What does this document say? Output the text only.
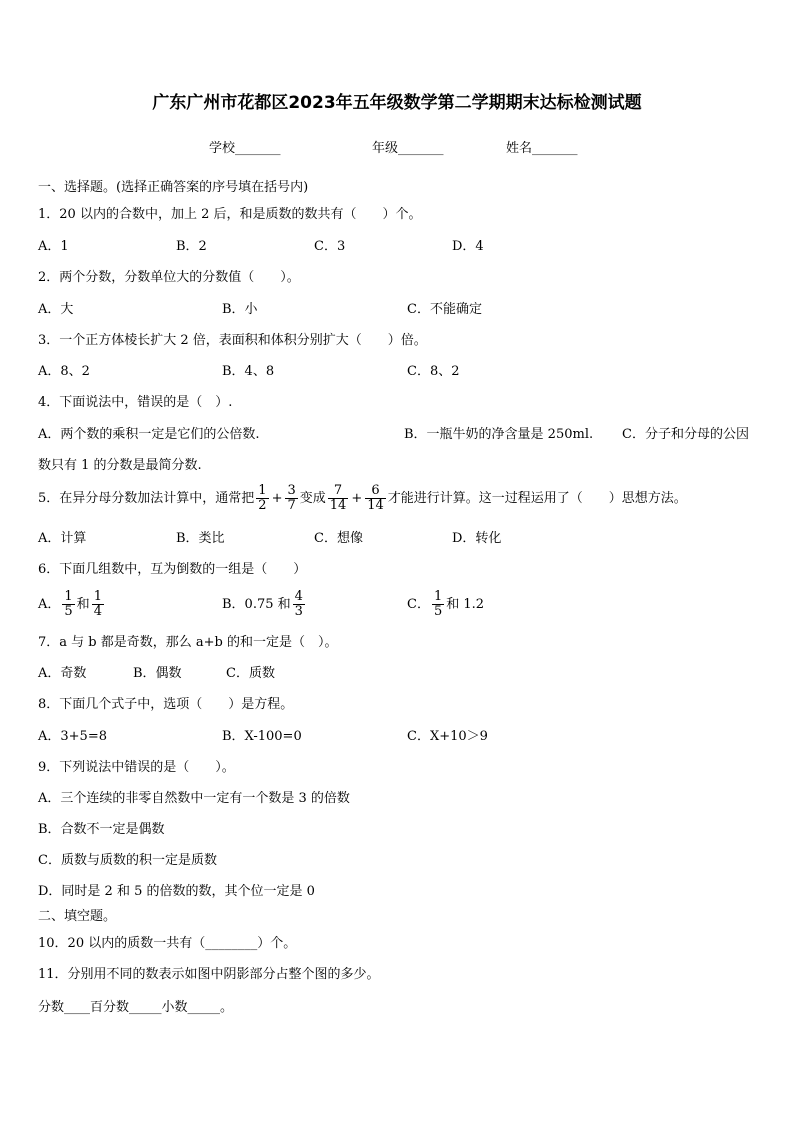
广东广州市花都区2023年五年级数学第二学期期末达标检测试题
学校_______	年级_______	姓名_______
一、选择题。(选择正确答案的序号填在括号内)
1．20 以内的合数中，加上 2 后，和是质数的数共有（　　）个。
A．1	B．2	C．3	D．4
2．两个分数，分数单位大的分数值（　　）。
A．大	B．小	C．不能确定
3．一个正方体棱长扩大 2 倍，表面积和体积分别扩大（　　）倍。
A．8、2	B．4、8	C．8、2
4．下面说法中，错误的是（　）.
A．两个数的乘积一定是它们的公倍数.	B．一瓶牛奶的净含量是 250ml. C．分子和分母的公因
数只有 1 的分数是最简分数.
5．在异分母分数加法计算中，通常把 $\frac{1}{2} + \frac{3}{7}$ 变成 $\frac{7}{14} + \frac{6}{14}$ 才能进行计算。这一过程运用了（　　）思想方法。
A．计算	B．类比	C．想像	D．转化
6．下面几组数中，互为倒数的一组是（　　）
A． $\frac{1}{5}$ 和 $\frac{1}{4}$	B．0.75 和 $\frac{4}{3}$	C． $\frac{1}{5}$ 和 1.2
7．a 与 b 都是奇数，那么 a+b 的和一定是（　）。
A．奇数	B．偶数	C．质数
8．下面几个式子中，选项（　　）是方程。
A．3+5=8	B．X-100=0	C．X+10＞9
9．下列说法中错误的是（　　）。
A．三个连续的非零自然数中一定有一个数是 3 的倍数
B．合数不一定是偶数
C．质数与质数的积一定是质数
D．同时是 2 和 5 的倍数的数，其个位一定是 0
二、填空题。
10．20 以内的质数一共有（________）个。
11．分别用不同的数表示如图中阴影部分占整个图的多少。
分数____百分数_____小数_____。
